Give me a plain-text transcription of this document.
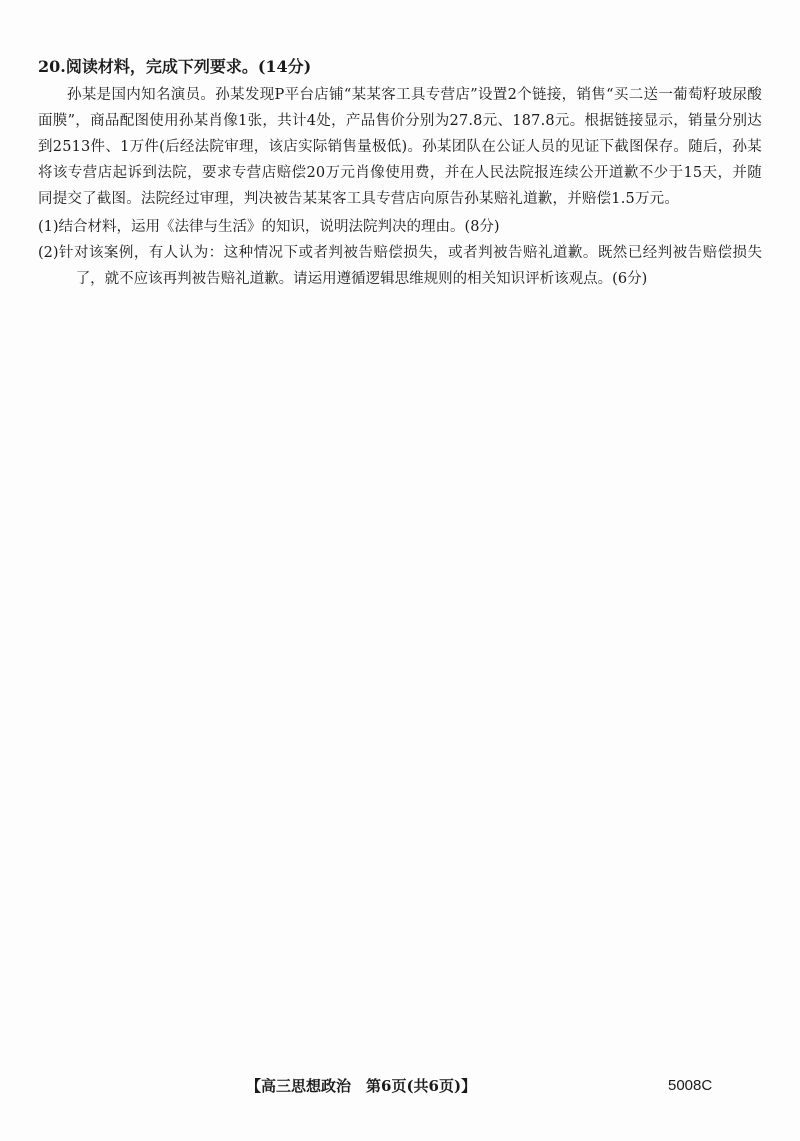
20.阅读材料，完成下列要求。(14分)
孙某是国内知名演员。孙某发现P平台店铺“某某客工具专营店”设置2个链接，销售“买二送一葡萄籽玻尿酸面膜”，商品配图使用孙某肖像1张，共计4处，产品售价分别为27.8元、187.8元。根据链接显示，销量分别达到2513件、1万件(后经法院审理，该店实际销售量极低)。孙某团队在公证人员的见证下截图保存。随后，孙某将该专营店起诉到法院，要求专营店赔偿20万元肖像使用费，并在人民法院报连续公开道歉不少于15天，并随同提交了截图。法院经过审理，判决被告某某客工具专营店向原告孙某赔礼道歉，并赔偿1.5万元。
(1)结合材料，运用《法律与生活》的知识，说明法院判决的理由。(8分)
(2)针对该案例，有人认为：这种情况下或者判被告赔偿损失，或者判被告赔礼道歉。既然已经判被告赔偿损失了，就不应该再判被告赔礼道歉。请运用遵循逻辑思维规则的相关知识评析该观点。(6分)
【高三思想政治　第6页(共6页)】	5008C
